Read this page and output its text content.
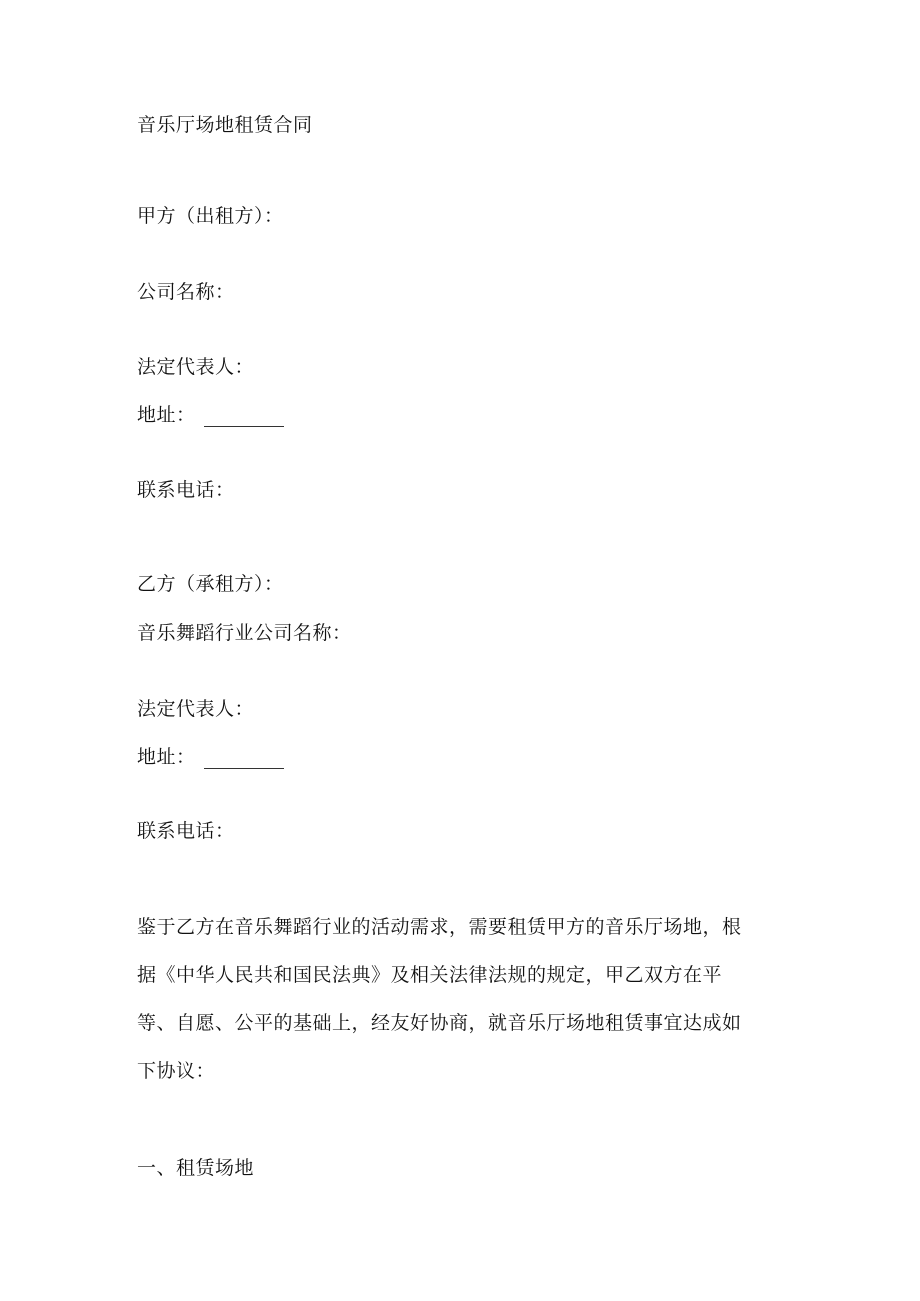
音乐厅场地租赁合同
甲方（出租方）：
公司名称：
法定代表人：
地址：
联系电话：
乙方（承租方）：
音乐舞蹈行业公司名称：
法定代表人：
地址：
联系电话：
鉴于乙方在音乐舞蹈行业的活动需求，需要租赁甲方的音乐厅场地，根
据《中华人民共和国民法典》及相关法律法规的规定，甲乙双方在平
等、自愿、公平的基础上，经友好协商，就音乐厅场地租赁事宜达成如
下协议：
一、租赁场地
